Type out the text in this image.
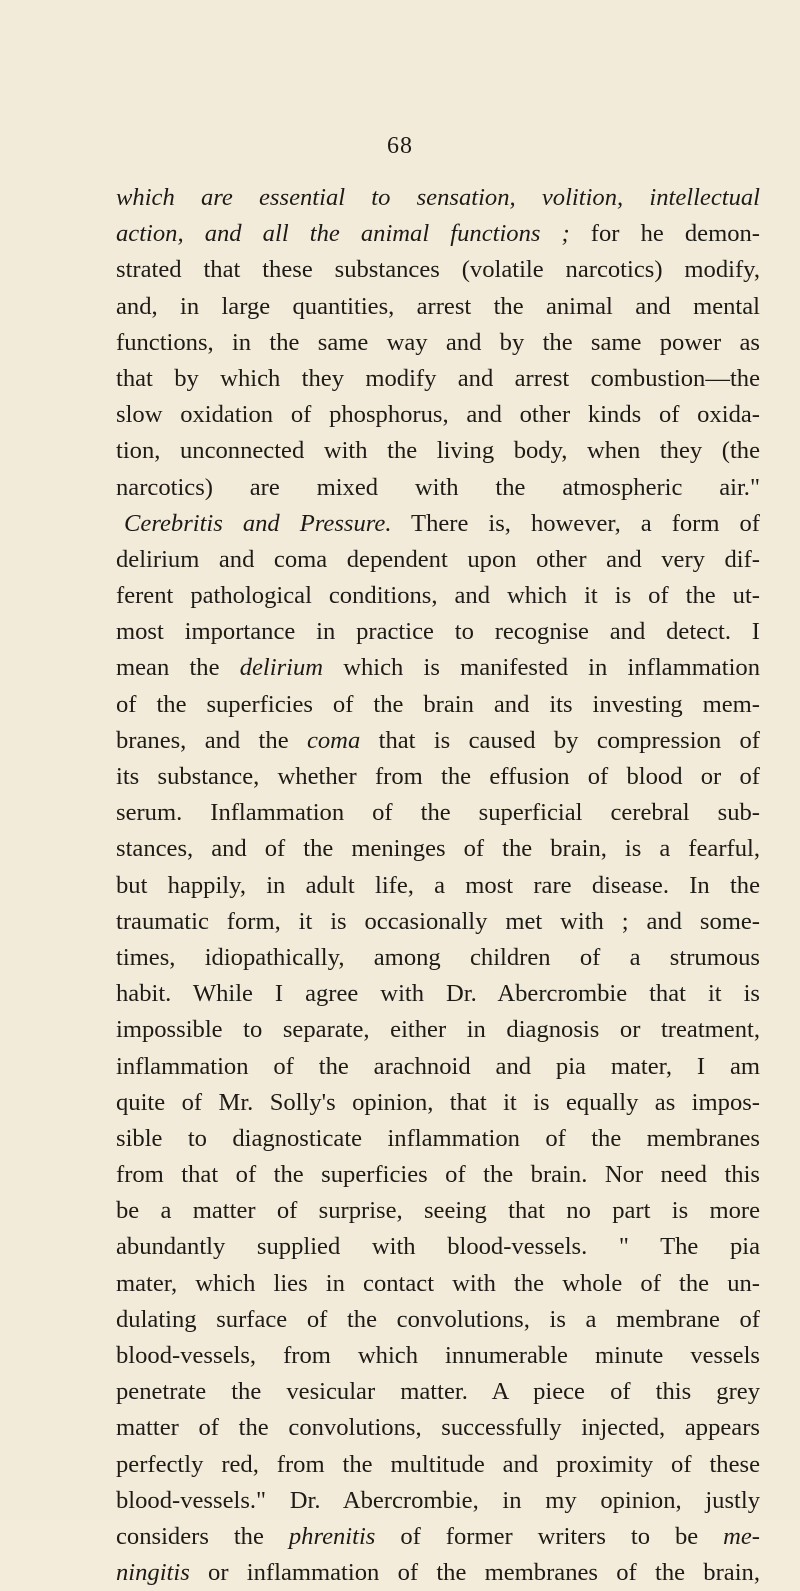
68
which are essential to sensation, volition, intellectual
action, and all the animal functions ; for he demon-
strated that these substances (volatile narcotics) modify,
and, in large quantities, arrest the animal and mental
functions, in the same way and by the same power as
that by which they modify and arrest combustion—the
slow oxidation of phosphorus, and other kinds of oxida-
tion, unconnected with the living body, when they (the
narcotics) are mixed with the atmospheric air."
Cerebritis and Pressure. There is, however, a form of
delirium and coma dependent upon other and very dif-
ferent pathological conditions, and which it is of the ut-
most importance in practice to recognise and detect. I
mean the delirium which is manifested in inflammation
of the superficies of the brain and its investing mem-
branes, and the coma that is caused by compression of
its substance, whether from the effusion of blood or of
serum. Inflammation of the superficial cerebral sub-
stances, and of the meninges of the brain, is a fearful,
but happily, in adult life, a most rare disease. In the
traumatic form, it is occasionally met with ; and some-
times, idiopathically, among children of a strumous
habit. While I agree with Dr. Abercrombie that it is
impossible to separate, either in diagnosis or treatment,
inflammation of the arachnoid and pia mater, I am
quite of Mr. Solly's opinion, that it is equally as impos-
sible to diagnosticate inflammation of the membranes
from that of the superficies of the brain. Nor need this
be a matter of surprise, seeing that no part is more
abundantly supplied with blood-vessels. " The pia
mater, which lies in contact with the whole of the un-
dulating surface of the convolutions, is a membrane of
blood-vessels, from which innumerable minute vessels
penetrate the vesicular matter. A piece of this grey
matter of the convolutions, successfully injected, appears
perfectly red, from the multitude and proximity of these
blood-vessels." Dr. Abercrombie, in my opinion, justly
considers the phrenitis of former writers to be me-
ningitis or inflammation of the membranes of the brain,
